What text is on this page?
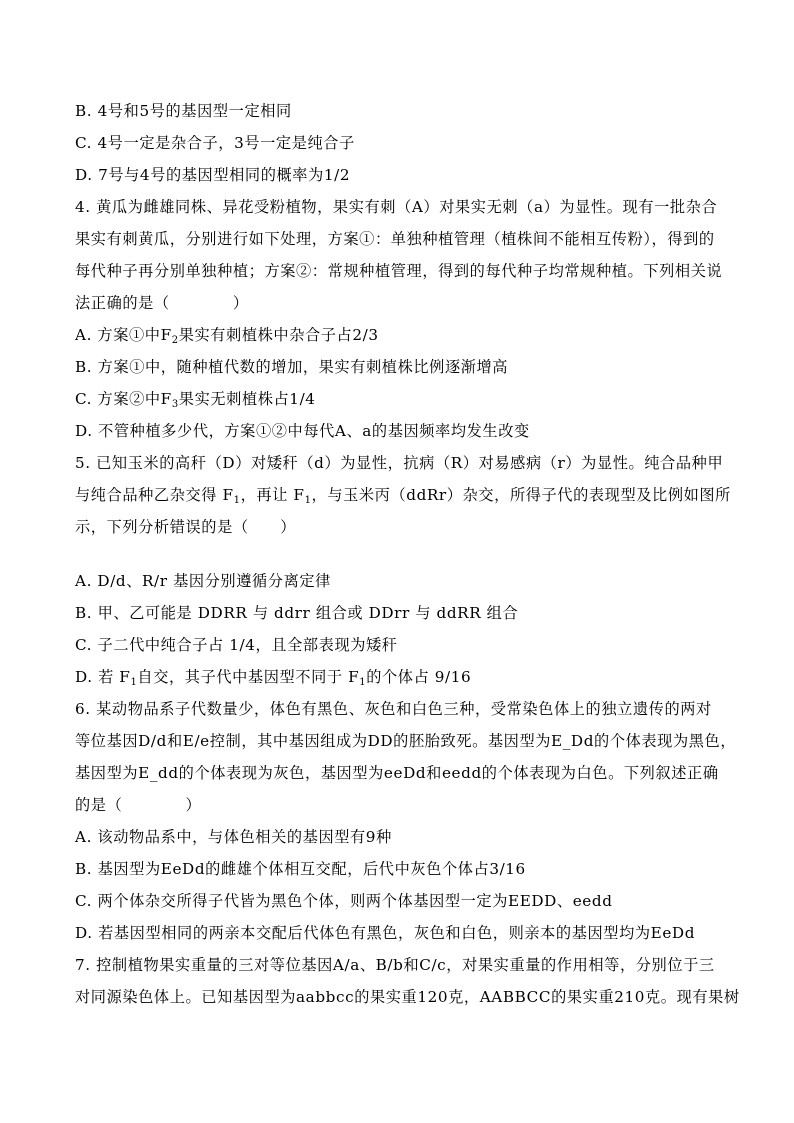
B. 4号和5号的基因型一定相同
C. 4号一定是杂合子，3号一定是纯合子
D. 7号与4号的基因型相同的概率为1/2
4. 黄瓜为雌雄同株、异花受粉植物，果实有刺（A）对果实无刺（a）为显性。现有一批杂合
果实有刺黄瓜，分别进行如下处理，方案①：单独种植管理（植株间不能相互传粉），得到的
每代种子再分别单独种植；方案②：常规种植管理，得到的每代种子均常规种植。下列相关说
法正确的是（　　　　）
A. 方案①中$F_2$果实有刺植株中杂合子占2/3
B. 方案①中，随种植代数的增加，果实有刺植株比例逐渐增高
C. 方案②中$F_3$果实无刺植株占1/4
D. 不管种植多少代，方案①②中每代A、a的基因频率均发生改变
5. 已知玉米的高秆（D）对矮秆（d）为显性，抗病（R）对易感病（r）为显性。纯合品种甲
与纯合品种乙杂交得 $F_1$，再让 $F_1$，与玉米丙（ddRr）杂交，所得子代的表现型及比例如图所
示，下列分析错误的是（　　）
A. D/d、R/r 基因分别遵循分离定律
B. 甲、乙可能是 DDRR 与 ddrr 组合或 DDrr 与 ddRR 组合
C. 子二代中纯合子占 1/4，且全部表现为矮秆
D. 若 $F_1$自交，其子代中基因型不同于 $F_1$的个体占 9/16
6. 某动物品系子代数量少，体色有黑色、灰色和白色三种，受常染色体上的独立遗传的两对
等位基因D/d和E/e控制，其中基因组成为DD的胚胎致死。基因型为E_Dd的个体表现为黑色，
基因型为E_dd的个体表现为灰色，基因型为eeDd和eedd的个体表现为白色。下列叙述正确
的是（　　　　）
A. 该动物品系中，与体色相关的基因型有9种
B. 基因型为EeDd的雌雄个体相互交配，后代中灰色个体占3/16
C. 两个体杂交所得子代皆为黑色个体，则两个体基因型一定为EEDD、eedd
D. 若基因型相同的两亲本交配后代体色有黑色，灰色和白色，则亲本的基因型均为EeDd
7. 控制植物果实重量的三对等位基因A/a、B/b和C/c，对果实重量的作用相等，分别位于三
对同源染色体上。已知基因型为aabbcc的果实重120克，AABBCC的果实重210克。现有果树
